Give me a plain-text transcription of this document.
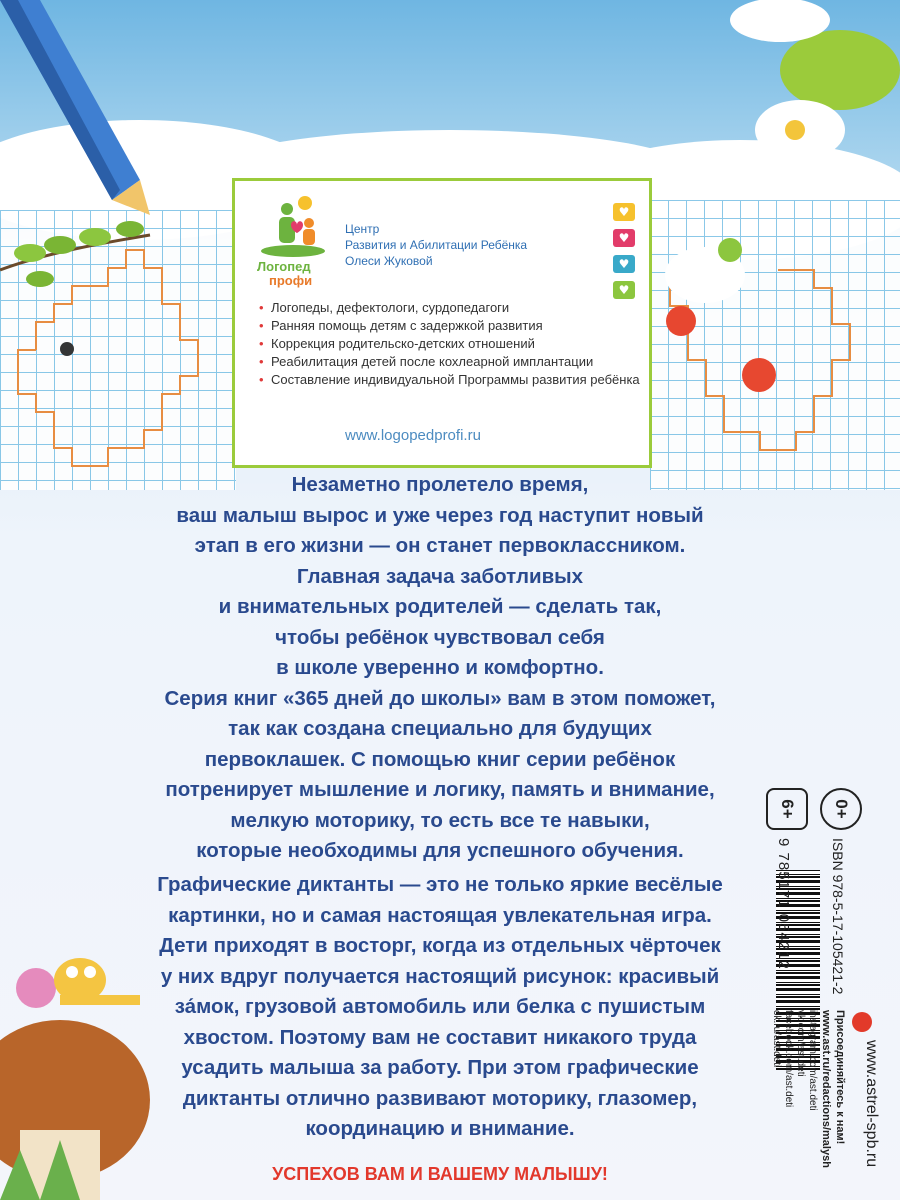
Логопед
профи
Центр
Развития и Абилитации Ребёнка
Олеси Жуковой
♥
♥
♥
♥
• Логопеды, дефектологи, сурдопедагоги
• Ранняя помощь детям с задержкой развития
• Коррекция родительско-детских отношений
• Реабилитация детей после кохлеарной имплантации
• Составление индивидуальной Программы развития ребёнка
www.logopedprofi.ru
Незаметно пролетело время,
ваш малыш вырос и уже через год наступит новый
этап в его жизни — он станет первоклассником.
Главная задача заботливых
и внимательных родителей — сделать так,
чтобы ребёнок чувствовал себя
в школе уверенно и комфортно.
Серия книг «365 дней до школы» вам в этом поможет,
так как создана специально для будущих
первоклашек. С помощью книг серии ребёнок
потренирует мышление и логику, память и внимание,
мелкую моторику, то есть все те навыки,
которые необходимы для успешного обучения.
Графические диктанты — это не только яркие весёлые
картинки, но и самая настоящая увлекательная игра.
Дети приходят в восторг, когда из отдельных чёрточек
у них вдруг получается настоящий рисунок: красивый
за́мок, грузовой автомобиль или белка с пушистым
хвостом. Поэтому вам не составит никакого труда
усадить малыша за работу. При этом графические
диктанты отлично развивают моторику, глазомер,
координацию и внимание.
УСПЕХОВ ВАМ И ВАШЕМУ МАЛЫШУ!
6+	0+
ISBN 978-5-17-105421-2
9 785171 054212
Присоединяйтесь к нам!
www.ast.ru/redactions/malysh
instagram.com/ast.deti
vk.com/ast.deti
facebook.com/ast.deti
ok.ru/ast.deti
www.astrel-spb.ru
